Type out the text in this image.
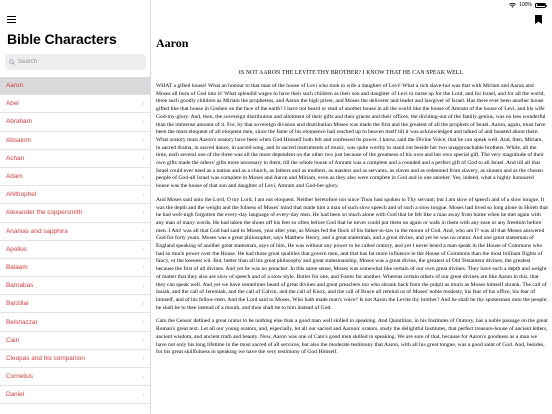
100%
Bible Characters
Search
Aaron	›
Abel	›
Abraham	›
Absalom	›
Achan	›
Adam	›
Ahithophel	›
Alexander the coppersmith	›
Ananias and sapphira	›
Apollos	›
Balaam	›
Barnabas	›
Barzillai	›
Belshazzar	›
Cain	›
Cleopas and his companion	›
Cornelius	›
Daniel	›
Aaron
IS NOT AARON THE LEVITE THY BROTHER? I KNOW THAT HE CAN SPEAK WELL

WHAT a gifted house! What an honour to that man of the house of Levi who took to wife a daughter of Levi! What a rich slave-hut was that with Miriam and Aaron and Moses all born of God into it! What splendid wages to have their such children as their son and daughter of Levi to nurse up for the Lord, and for Israel, and for all the world, three such goodly children as Miriam the prophetess, and Aaron the high priest, and Moses the deliverer and leader and lawgiver of Israel. Has there ever been another house gifted like that house in Goshen on the face of the earth? I have not heard or read of another house in all the world like the house of Amram of the house of Levi, and his wife God-my-glory. And, then, the sovereign distribution and allotment of their gifts and their graces and their offices, the dividing-out of the family genius, was no less wonderful than the immense amount of it. For, by that sovereign division and distribution Moses was made the first and the greatest of all the prophets of Israel. Aaron, again, must have been the most eloquent of all eloquent men, since the fame of his eloquence had reached up to heaven itself till it was acknowledged and talked of and boasted about there. What oratory must Aaron's oratory have been when God Himself both felt and confessed its power. I know, said the Divine Voice, that he can speak well. And, then, Miriam, in sacred drama, in sacred dance, in sacred song, and in sacred instruments of music, was quite worthy to stand out beside her two unapproachable brothers. While, all the time, each several one of the three was all the more dependent on the other two just because of the greatness of his own and her own special gift. The very magnitude of their own gifts made the others' gifts more necessary to them, till the whole house of Amram was a complete and a rounded and a perfect gift of God to all Israel. And till all that Israel could ever need as a nation and as a church, as fathers and as mothers, as masters and as servants, as slaves and as redeemed from slavery, as sinners and as the chosen people of God-all Israel was complete in Moses and Aaron and Miriam, even as they also were complete in God and in one another. Yes, indeed, what a highly honoured house was the house of that son and daughter of Levi, Amram and God-her-glory.

And Moses said unto the Lord, O my Lord, I am not eloquent. Neither heretofore nor since Thou hast spoken to Thy servant; but I am slow of speech and of a slow tongue. It was the depth and the weight and the fulness of Moses' mind that made him a man of such slow speech and of such a slow tongue. Moses had lived so long alone in Horeb that he had well-nigh forgotten the every-day language of every-day men. He had been so much alone with God that he felt like a man away from home when he met again with any man of many words. He had taken the shoes off his feet so often before God that he never could put them on again or walk in them with any ease or any freedom before men. I Am! was all that God had said to Moses, year after year, as Moses fed the flock of his father-in-law in the mount of God. And, who am I? was all that Moses answered God for forty years. Moses was a great philosopher, says Matthew Henry, and a great statesman, and a great divine, and yet he was no orator. And one great statesman of England speaking of another great statesman, says of him, He was without any power to be called oratory, and yet I never heard a man speak in the House of Commons who had so much power over the House. He had those great qualities that govern men, and that has far more influence in the House of Commons than the most brilliant flights of fancy, or the keenest wit. But, better than all his great philosophy and great statesmanship, Moses was a great divine, the greatest of Old Testament divines; the greatest because the first of all divines. And yet he was no preacher. In this same sense, Moses was somewhat like certain of our own great divines. They have such a depth and weight of matter that they also are slow of speech and of a slow style. Butler for one, and Foster for another. Whereas certain others of our great divines are like Aaron in this, that they can speak well. And yet we have sometimes heard of great divines and great preachers too who shrank back from the pulpit as much as Moses himself shrank. The call of Isaiah, and the call of Jeremiah, and the call of Calvin, and the call of Knox, and the call of Bruce all remind us of Moses' noble modesty, his fear of his office, his fear of himself, and of his fellow-men. And the Lord said to Moses, Who hath made man's voice? Is not Aaron the Levite thy brother? And he shall be thy spokesman unto the people; he shall be to thee instead of a mouth, and thou shalt be to him instead of God.

Cato the Censor defined a great orator to be nothing else than a good man well skilled in speaking. And Quintilian, in his Institutes of Oratory, has a noble passage on the great Roman's great text. Let all our young orators, and, especially, let all our sacred and Aaronic orators, study the delightful Institutes, that perfect treasure-house of ancient letters, ancient wisdom, and ancient truth and beauty. Now, Aaron was one of Cato's good men skilled in speaking. We are sure of that, because for Aaron's goodness as a man we have not only his long lifetime in the most sacred of all services, but also the moderate testimony that Aaron, with all his great tongue, was a good saint of God. And, besides, for his great skillfulness in speaking we have the very testimony of God Himself.
